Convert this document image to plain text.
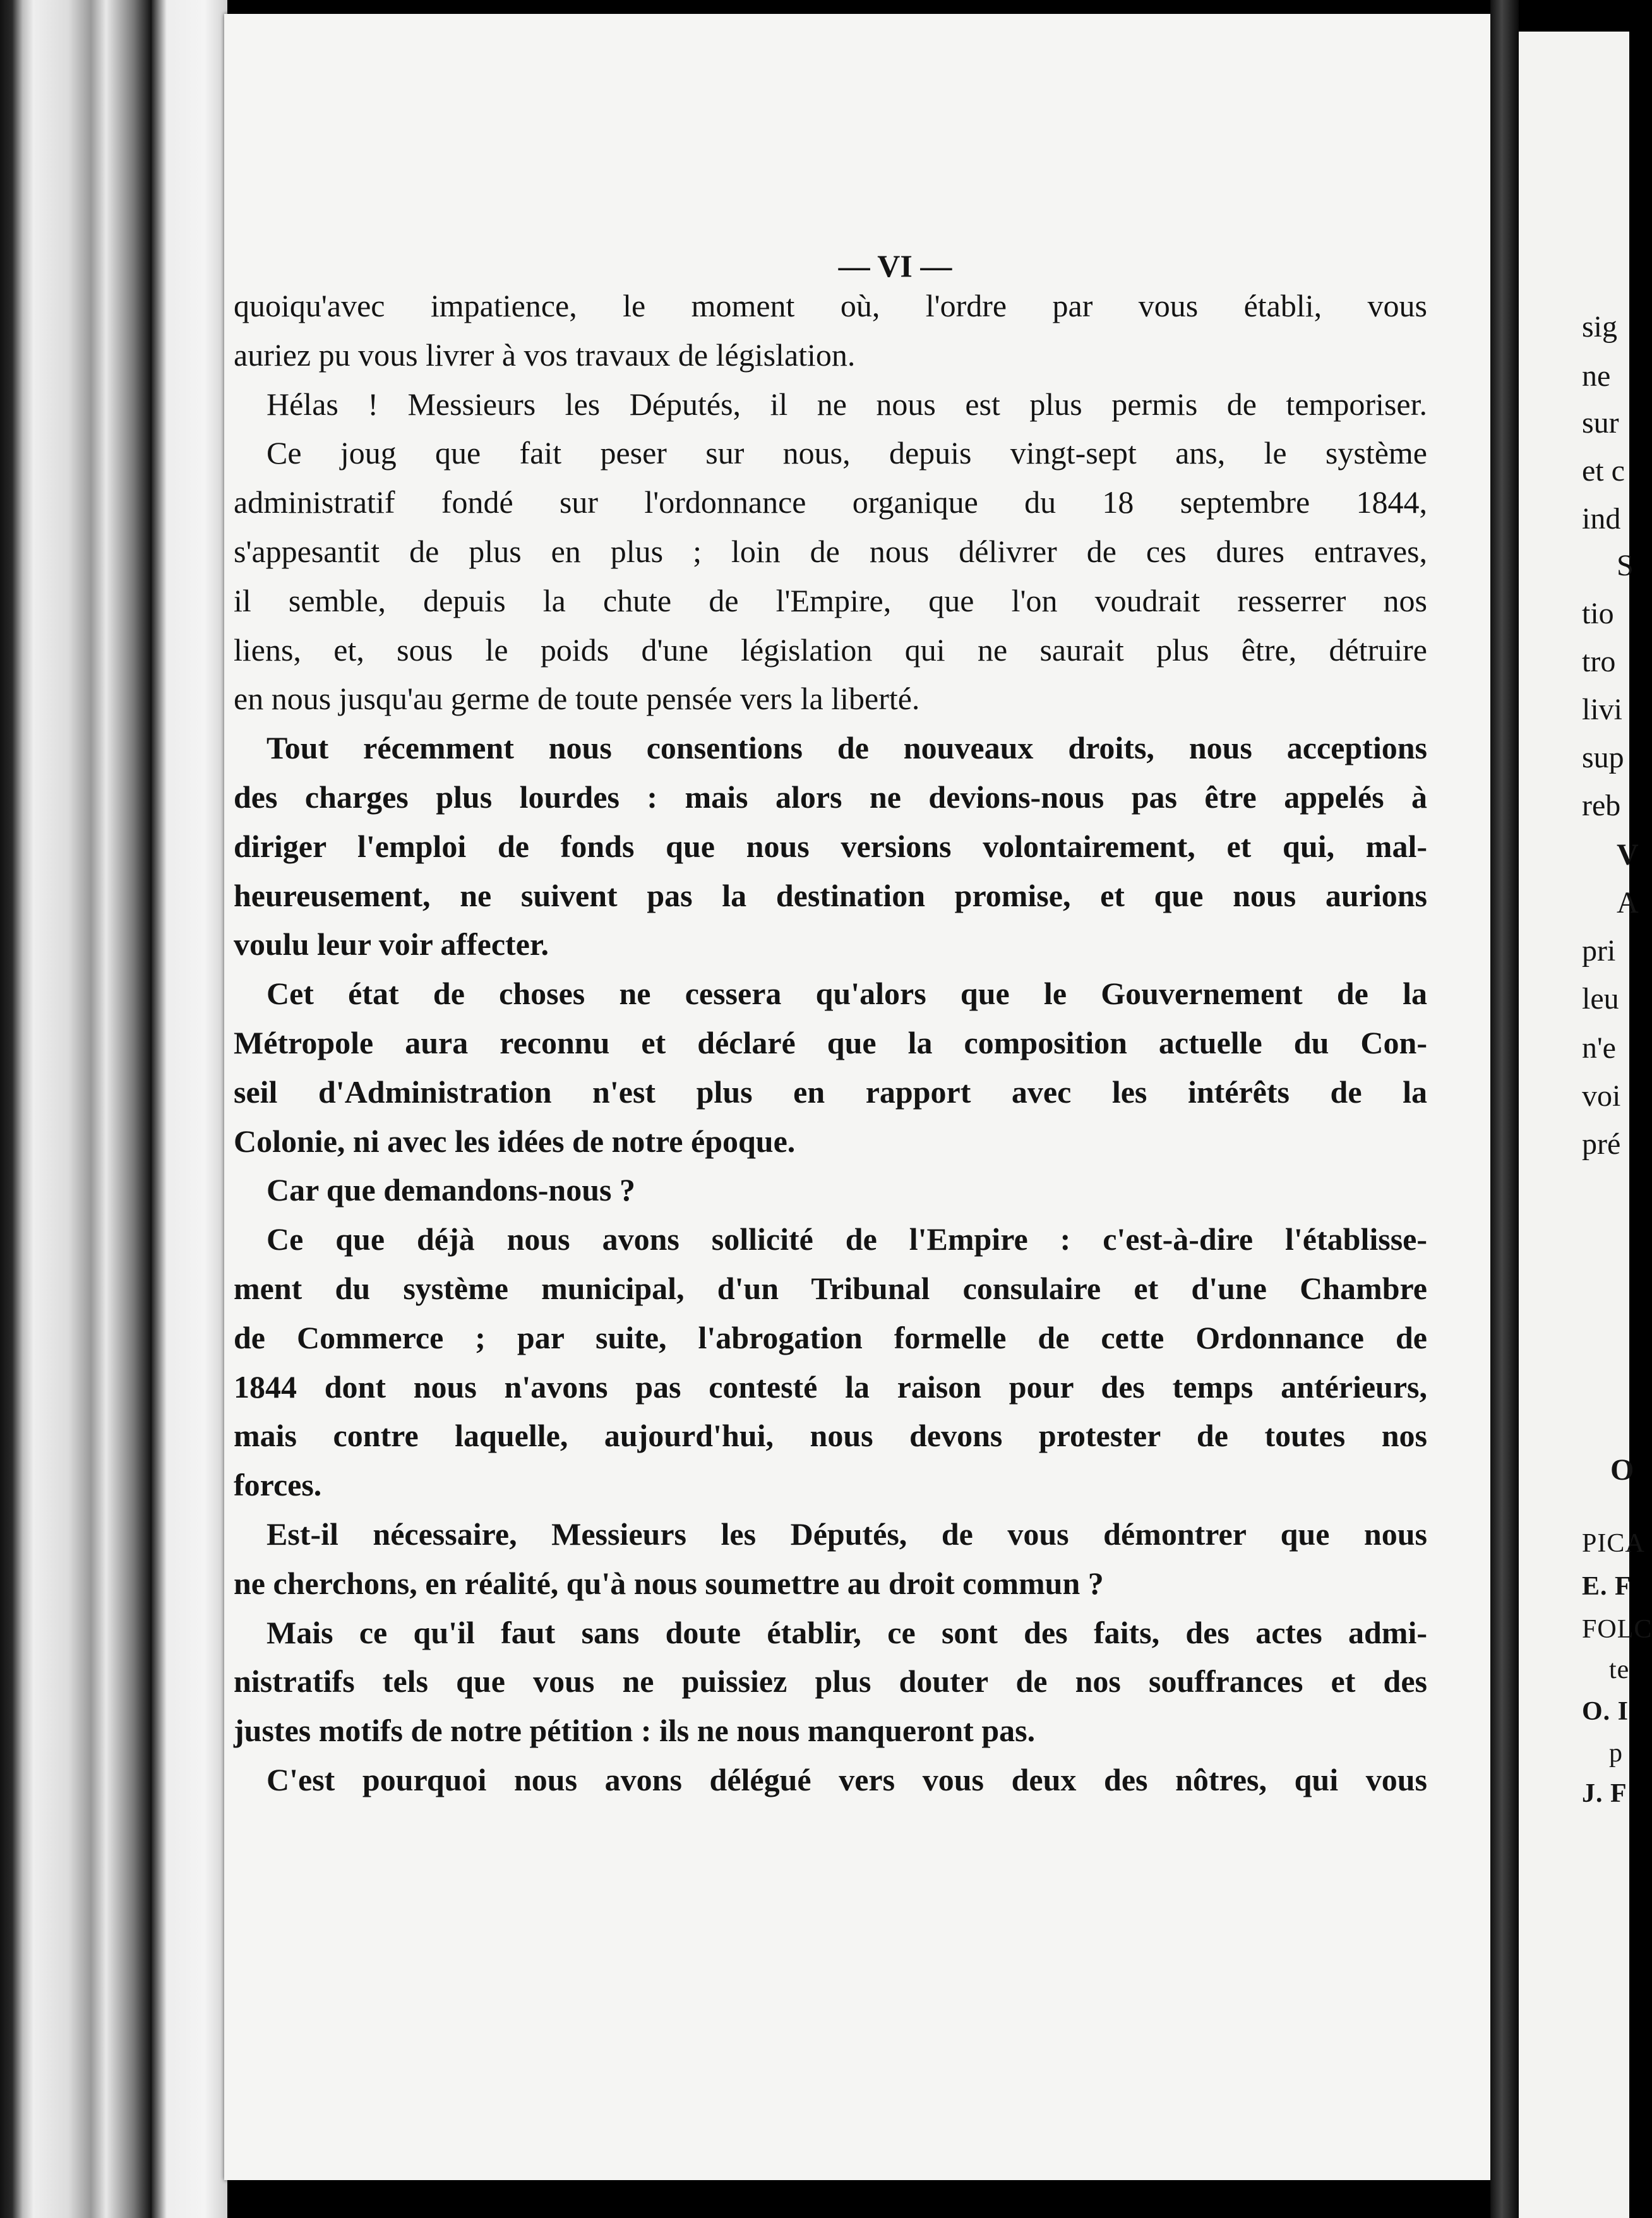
— VI —

quoiqu'avec impatience, le moment où, l'ordre par vous établi, vous
auriez pu vous livrer à vos travaux de législation.

Hélas ! Messieurs les Députés, il ne nous est plus permis de temporiser.

Ce joug que fait peser sur nous, depuis vingt-sept ans, le système
administratif fondé sur l'ordonnance organique du 18 septembre 1844,
s'appesantit de plus en plus ; loin de nous délivrer de ces dures entraves,
il semble, depuis la chute de l'Empire, que l'on voudrait resserrer nos
liens, et, sous le poids d'une législation qui ne saurait plus être, détruire
en nous jusqu'au germe de toute pensée vers la liberté.

Tout récemment nous consentions de nouveaux droits, nous acceptions
des charges plus lourdes : mais alors ne devions-nous pas être appelés à
diriger l'emploi de fonds que nous versions volontairement, et qui, mal-
heureusement, ne suivent pas la destination promise, et que nous aurions
voulu leur voir affecter.

Cet état de choses ne cessera qu'alors que le Gouvernement de la
Métropole aura reconnu et déclaré que la composition actuelle du Con-
seil d'Administration n'est plus en rapport avec les intérêts de la
Colonie, ni avec les idées de notre époque.

Car que demandons-nous ?

Ce que déjà nous avons sollicité de l'Empire : c'est-à-dire l'établisse-
ment du système municipal, d'un Tribunal consulaire et d'une Chambre
de Commerce ; par suite, l'abrogation formelle de cette Ordonnance de
1844 dont nous n'avons pas contesté la raison pour des temps antérieurs,
mais contre laquelle, aujourd'hui, nous devons protester de toutes nos
forces.

Est-il nécessaire, Messieurs les Députés, de vous démontrer que nous
ne cherchons, en réalité, qu'à nous soumettre au droit commun ?

Mais ce qu'il faut sans doute établir, ce sont des faits, des actes admi-
nistratifs tels que vous ne puissiez plus douter de nos souffrances et des
justes motifs de notre pétition : ils ne nous manqueront pas.

C'est pourquoi nous avons délégué vers vous deux des nôtres, qui vous

sig
ne
sur
et c
ind
S
tio
tro
livi
sup
reb
V
A
pri
leu
n'e
voi
pré
O
PICA
E. F
FOLC
te
O. I
p
J. F
